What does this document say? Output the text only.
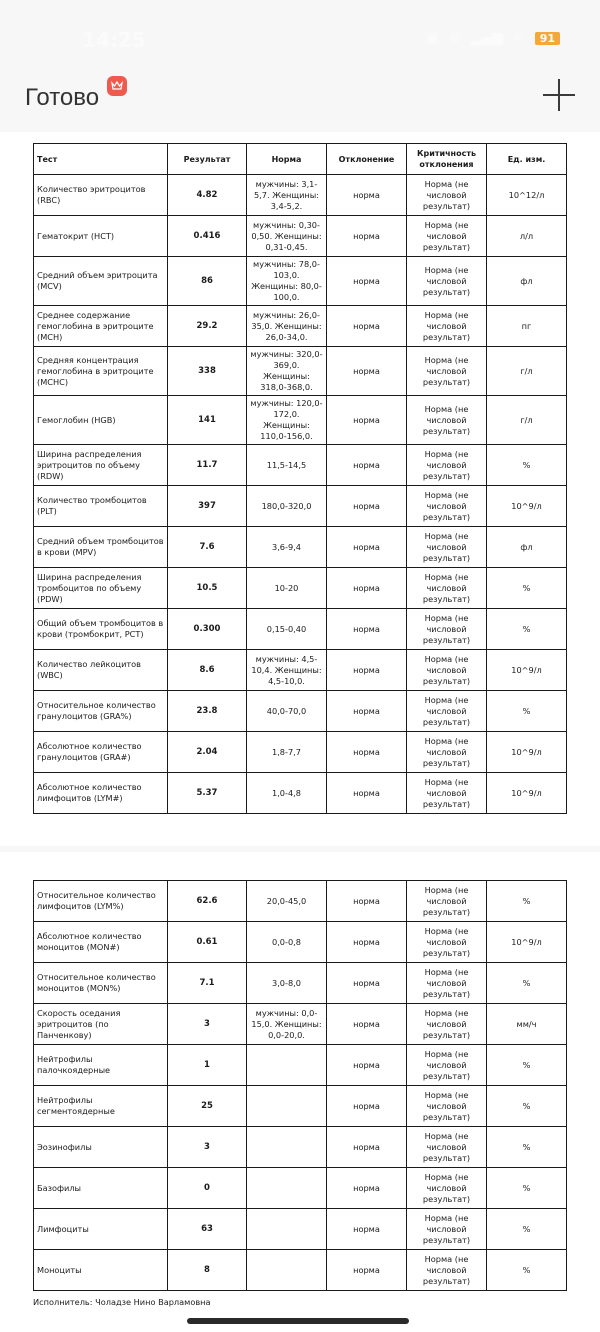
14:25	▣ ⊘ ▂▄▆ ≋	91
Готово
Тест	Результат	Норма	Отклонение	Критичность отклонения	Ед. изм.
Количество эритроцитов (RBC)	4.82	мужчины: 3,1-5,7. Женщины: 3,4-5,2.	норма	Норма (не числовой результат)	10^12/л
Гематокрит (HCT)	0.416	мужчины: 0,30-0,50. Женщины: 0,31-0,45.	норма	Норма (не числовой результат)	л/л
Средний объем эритроцита (MCV)	86	мужчины: 78,0-103,0. Женщины: 80,0-100,0.	норма	Норма (не числовой результат)	фл
Среднее содержание гемоглобина в эритроците (MCH)	29.2	мужчины: 26,0-35,0. Женщины: 26,0-34,0.	норма	Норма (не числовой результат)	пг
Средняя концентрация гемоглобина в эритроците (MCHC)	338	мужчины: 320,0-369,0. Женщины: 318,0-368,0.	норма	Норма (не числовой результат)	г/л
Гемоглобин (HGB)	141	мужчины: 120,0-172,0. Женщины: 110,0-156,0.	норма	Норма (не числовой результат)	г/л
Ширина распределения эритроцитов по объему (RDW)	11.7	11,5-14,5	норма	Норма (не числовой результат)	%
Количество тромбоцитов (PLT)	397	180,0-320,0	норма	Норма (не числовой результат)	10^9/л
Средний объем тромбоцитов в крови (MPV)	7.6	3,6-9,4	норма	Норма (не числовой результат)	фл
Ширина распределения тромбоцитов по объему (PDW)	10.5	10-20	норма	Норма (не числовой результат)	%
Общий объем тромбоцитов в крови (тромбокрит, PCT)	0.300	0,15-0,40	норма	Норма (не числовой результат)	%
Количество лейкоцитов (WBC)	8.6	мужчины: 4,5-10,4. Женщины: 4,5-10,0.	норма	Норма (не числовой результат)	10^9/л
Относительное количество гранулоцитов (GRA%)	23.8	40,0-70,0	норма	Норма (не числовой результат)	%
Абсолютное количество гранулоцитов (GRA#)	2.04	1,8-7,7	норма	Норма (не числовой результат)	10^9/л
Абсолютное количество лимфоцитов (LYM#)	5.37	1,0-4,8	норма	Норма (не числовой результат)	10^9/л
Относительное количество лимфоцитов (LYM%)	62.6	20,0-45,0	норма	Норма (не числовой результат)	%
Абсолютное количество моноцитов (MON#)	0.61	0,0-0,8	норма	Норма (не числовой результат)	10^9/л
Относительное количество моноцитов (MON%)	7.1	3,0-8,0	норма	Норма (не числовой результат)	%
Скорость оседания эритроцитов (по Панченкову)	3	мужчины: 0,0-15,0. Женщины: 0,0-20,0.	норма	Норма (не числовой результат)	мм/ч
Нейтрофилы палочкоядерные	1		норма	Норма (не числовой результат)	%
Нейтрофилы сегментоядерные	25		норма	Норма (не числовой результат)	%
Эозинофилы	3		норма	Норма (не числовой результат)	%
Базофилы	0		норма	Норма (не числовой результат)	%
Лимфоциты	63		норма	Норма (не числовой результат)	%
Моноциты	8		норма	Норма (не числовой результат)	%
Исполнитель: Чоладзе Нино Варламовна
